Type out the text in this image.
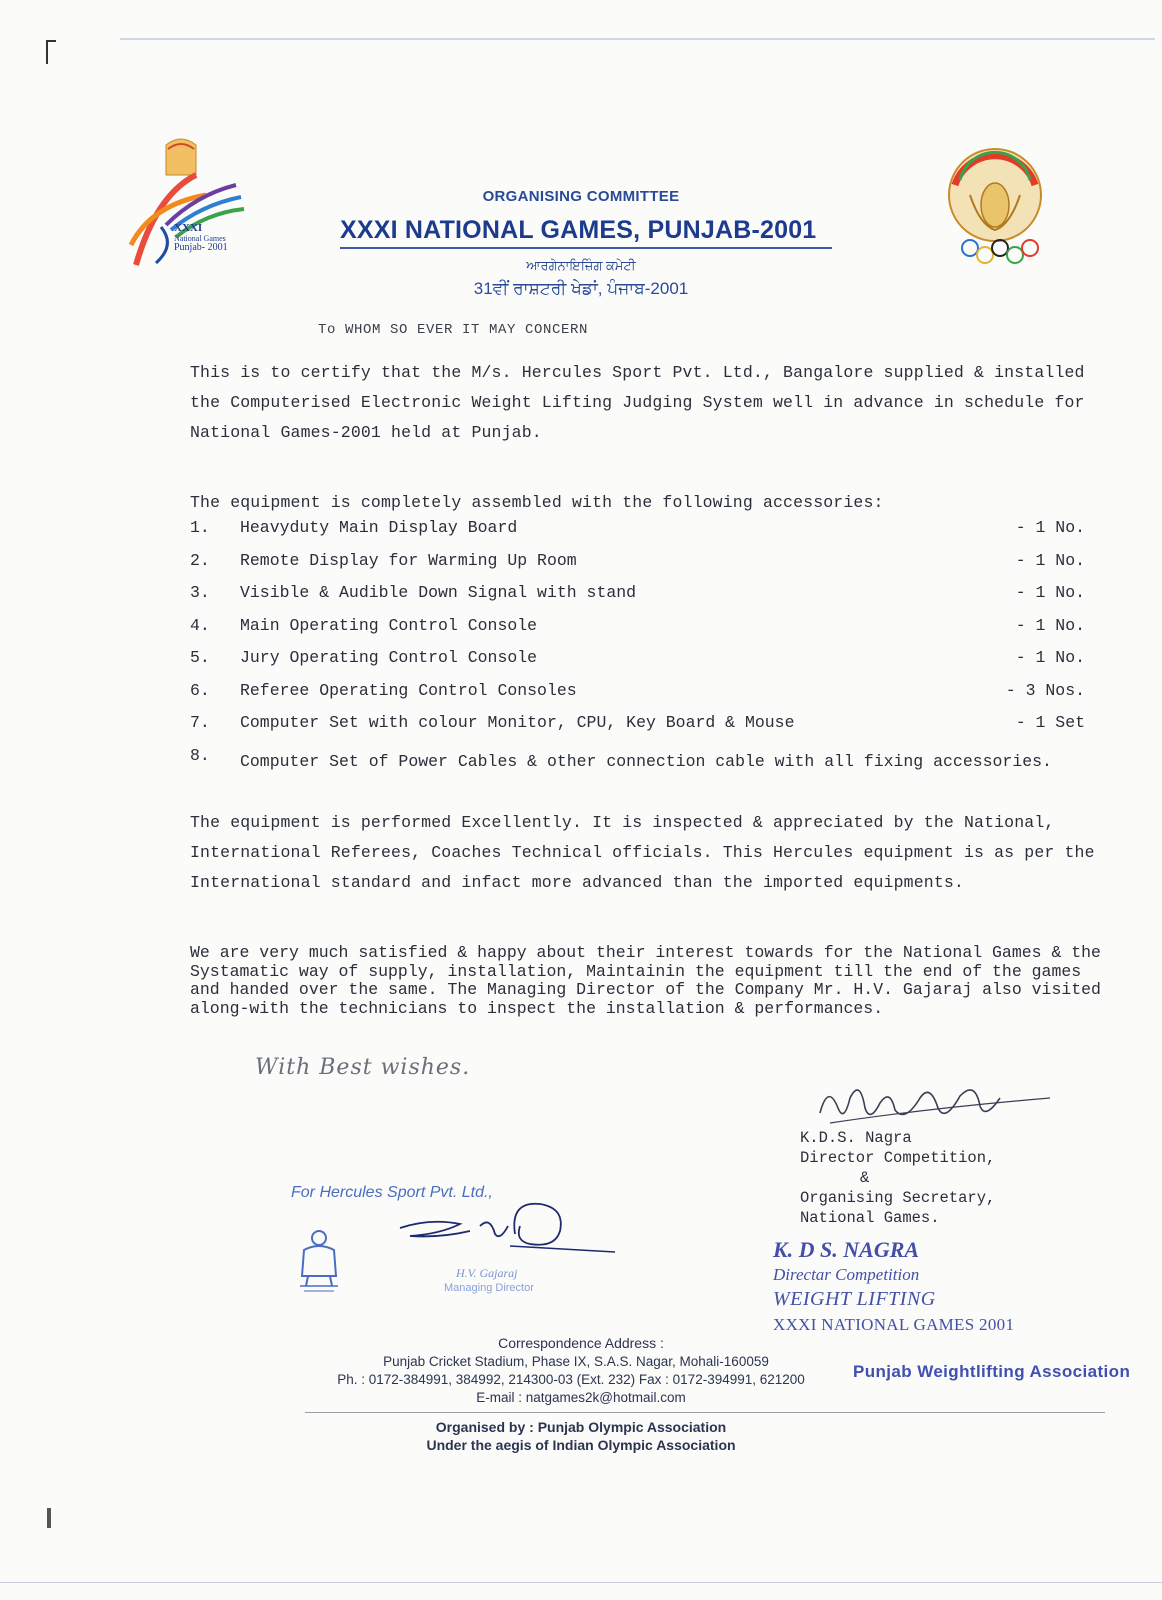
XXXI
National Games
Punjab- 2001
ORGANISING COMMITTEE
XXXI NATIONAL GAMES, PUNJAB-2001
ਆਰਗੇਨਾਇਜ਼ਿੰਗ ਕਮੇਟੀ
31ਵੀਂ ਰਾਸ਼ਟਰੀ ਖੇਡਾਂ, ਪੰਜਾਬ-2001
To WHOM SO EVER IT MAY CONCERN
This is to certify that the M/s. Hercules Sport Pvt. Ltd., Bangalore supplied & installed the Computerised Electronic Weight Lifting Judging System well in advance in schedule for National Games-2001 held at Punjab.
The equipment is completely assembled with the following accessories:
1. Heavyduty Main Display Board	- 1 No.
2. Remote Display for Warming Up Room	- 1 No.
3. Visible & Audible Down Signal with stand	- 1 No.
4. Main Operating Control Console	- 1 No.
5. Jury Operating Control Console	- 1 No.
6. Referee Operating Control Consoles	- 3 Nos.
7. Computer Set with colour Monitor, CPU, Key Board & Mouse	- 1 Set
8. Computer Set of Power Cables & other connection cable with all fixing accessories.
The equipment is performed Excellently. It is inspected & appreciated by the National, International Referees, Coaches Technical officials. This Hercules equipment is as per the International standard and infact more advanced than the imported equipments.
We are very much satisfied & happy about their interest towards for the National Games & the Systamatic way of supply, installation, Maintainin the equipment till the end of the games and handed over the same. The Managing Director of the Company Mr. H.V. Gajaraj also visited along-with the technicians to inspect the installation & performances.
With Best wishes.
K.D.S. Nagra
Director Competition,
&
Organising Secretary,
National Games.
K. D S. NAGRA
Directar Competition
WEIGHT LIFTING
XXXI NATIONAL GAMES 2001
For Hercules Sport Pvt. Ltd.,
H.V. Gajaraj
Managing Director
Correspondence Address :
Punjab Cricket Stadium, Phase IX, S.A.S. Nagar, Mohali-160059
Ph. : 0172-384991, 384992, 214300-03 (Ext. 232) Fax : 0172-394991, 621200
E-mail : natgames2k@hotmail.com
Punjab Weightlifting Association
Organised by : Punjab Olympic Association
Under the aegis of Indian Olympic Association
